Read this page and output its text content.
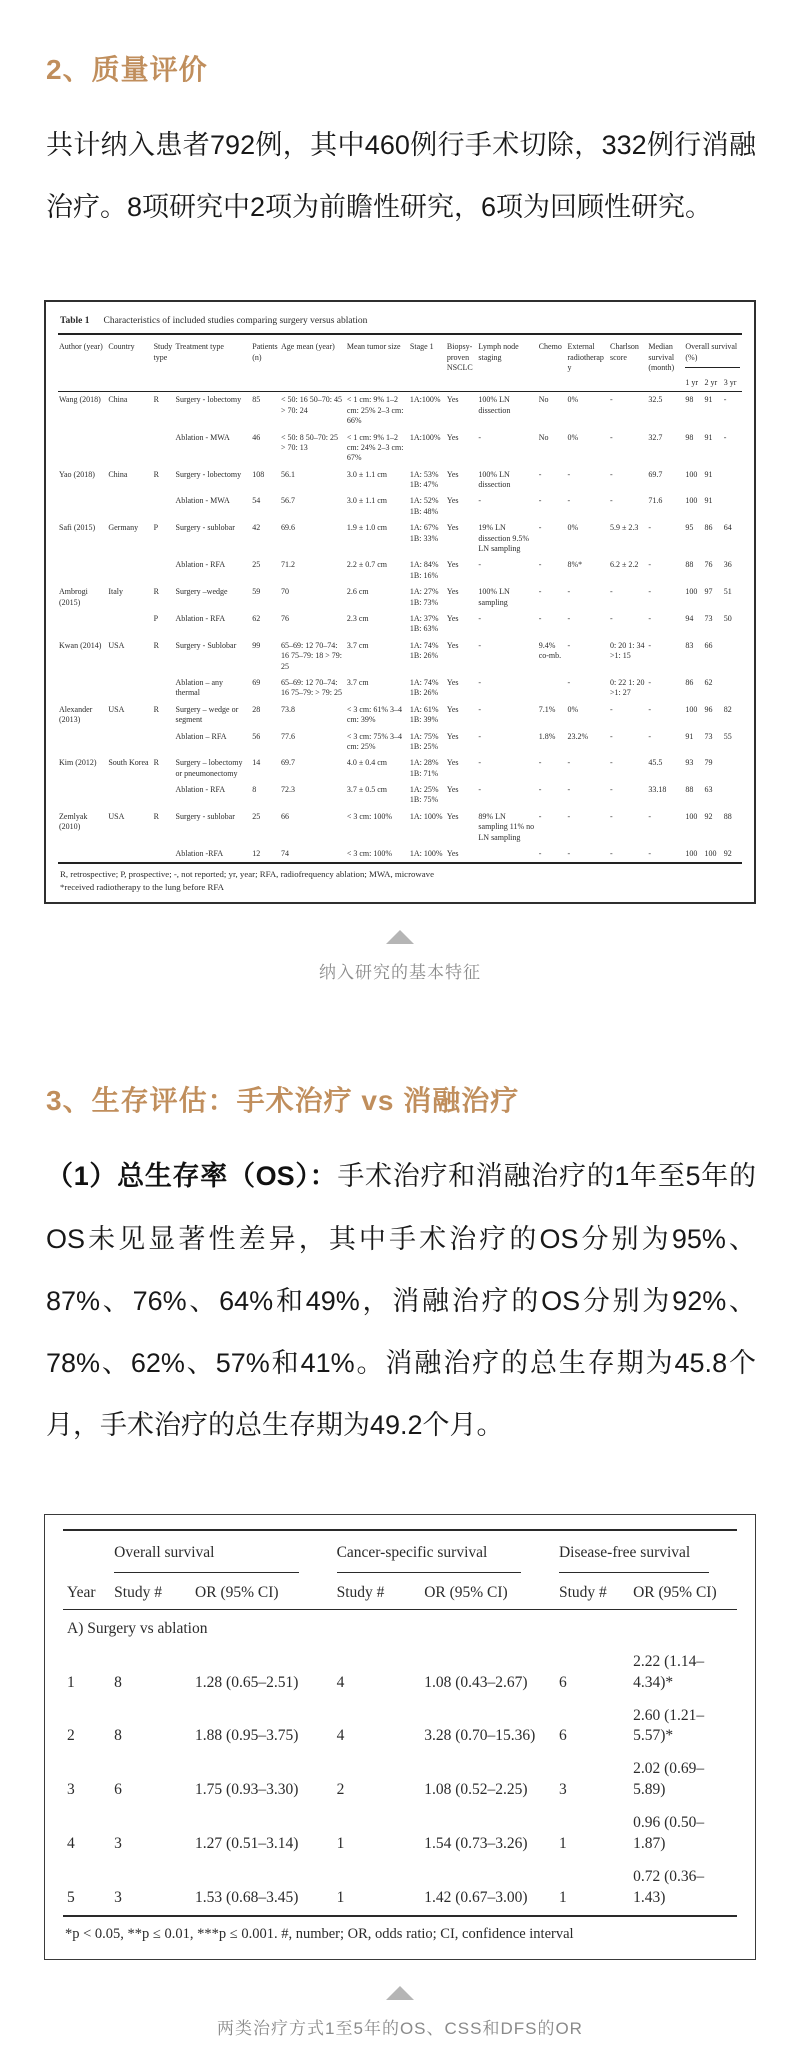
2、质量评价

共计纳入患者792例，其中460例行手术切除，332例行消融治疗。8项研究中2项为前瞻性研究，6项为回顾性研究。

Table 1 Characteristics of included studies comparing surgery versus ablation
Author (year)	Country	Study type	Treatment type	Patients (n)	Age mean (year)	Mean tumor size	Stage 1	Biopsy-proven NSCLC	Lymph node staging	Chemo	External radiotherapy	Charlson score	Median survival (month)	Overall survival (%)		
														1 yr	2 yr	3 yr
Wang (2018)	China	R	Surgery - lobectomy	85	< 50: 16 50–70: 45 > 70: 24	< 1 cm: 9% 1–2 cm: 25% 2–3 cm: 66%	1A:100%	Yes	100% LN dissection	No	0%	-	32.5	98	91	-
			Ablation - MWA	46	< 50: 8 50–70: 25 > 70: 13	< 1 cm: 9% 1–2 cm: 24% 2–3 cm: 67%	1A:100%	Yes	-	No	0%	-	32.7	98	91	-
Yao (2018)	China	R	Surgery - lobectomy	108	56.1	3.0 ± 1.1 cm	1A: 53% 1B: 47%	Yes	100% LN dissection	-	-	-	69.7	100	91	
			Ablation - MWA	54	56.7	3.0 ± 1.1 cm	1A: 52% 1B: 48%	Yes	-	-	-	-	71.6	100	91	
Safi (2015)	Germany	P	Surgery - sublobar	42	69.6	1.9 ± 1.0 cm	1A: 67% 1B: 33%	Yes	19% LN dissection 9.5% LN sampling	-	0%	5.9 ± 2.3	-	95	86	64
			Ablation - RFA	25	71.2	2.2 ± 0.7 cm	1A: 84% 1B: 16%	Yes	-	-	8%*	6.2 ± 2.2	-	88	76	36
Ambrogi (2015)	Italy	R	Surgery –wedge	59	70	2.6 cm	1A: 27% 1B: 73%	Yes	100% LN sampling	-	-	-	-	100	97	51
		P	Ablation - RFA	62	76	2.3 cm	1A: 37% 1B: 63%	Yes	-	-	-	-	-	94	73	50
Kwan (2014)	USA	R	Surgery - Sublobar	99	65–69: 12 70–74: 16 75–79: 18 > 79: 25	3.7 cm	1A: 74% 1B: 26%	Yes	-	9.4% co-mb.	-	0: 20 1: 34 >1: 15	-	83	66	
			Ablation – any thermal	69	65–69: 12 70–74: 16 75–79: > 79: 25	3.7 cm	1A: 74% 1B: 26%	Yes	-		-	0: 22 1: 20 >1: 27	-	86	62	
Alexander (2013)	USA	R	Surgery – wedge or segment	28	73.8	< 3 cm: 61% 3–4 cm: 39%	1A: 61% 1B: 39%	Yes	-	7.1%	0%	-	-	100	96	82
			Ablation – RFA	56	77.6	< 3 cm: 75% 3–4 cm: 25%	1A: 75% 1B: 25%	Yes	-	1.8%	23.2%	-	-	91	73	55
Kim (2012)	South Korea	R	Surgery – lobectomy or pneumonectomy	14	69.7	4.0 ± 0.4 cm	1A: 28% 1B: 71%	Yes	-	-	-	-	45.5	93	79	
			Ablation - RFA	8	72.3	3.7 ± 0.5 cm	1A: 25% 1B: 75%	Yes	-	-	-	-	33.18	88	63	
Zemlyak (2010)	USA	R	Surgery - sublobar	25	66	< 3 cm: 100%	1A: 100%	Yes	89% LN sampling 11% no LN sampling	-	-	-	-	100	92	88
			Ablation -RFA	12	74	< 3 cm: 100%	1A: 100%	Yes		-	-	-	-	100	100	92
R, retrospective; P, prospective; -, not reported; yr, year; RFA, radiofrequency ablation; MWA, microwave
*received radiotherapy to the lung before RFA
纳入研究的基本特征
3、生存评估：手术治疗 vs 消融治疗

（1）总生存率（OS）：手术治疗和消融治疗的1年至5年的OS未见显著性差异，其中手术治疗的OS分别为95%、87%、76%、64%和49%，消融治疗的OS分别为92%、78%、62%、57%和41%。消融治疗的总生存期为45.8个月，手术治疗的总生存期为49.2个月。

Year	Overall survival		Cancer-specific survival		Disease-free survival	
	Study #	OR (95% CI)	Study #	OR (95% CI)	Study #	OR (95% CI)
A) Surgery vs ablation						
1	8	1.28 (0.65–2.51)	4	1.08 (0.43–2.67)	6	2.22 (1.14–4.34)*
2	8	1.88 (0.95–3.75)	4	3.28 (0.70–15.36)	6	2.60 (1.21–5.57)*
3	6	1.75 (0.93–3.30)	2	1.08 (0.52–2.25)	3	2.02 (0.69–5.89)
4	3	1.27 (0.51–3.14)	1	1.54 (0.73–3.26)	1	0.96 (0.50–1.87)
5	3	1.53 (0.68–3.45)	1	1.42 (0.67–3.00)	1	0.72 (0.36–1.43)
*p < 0.05, **p ≤ 0.01, ***p ≤ 0.001. #, number; OR, odds ratio; CI, confidence interval
两类治疗方式1至5年的OS、CSS和DFS的OR
